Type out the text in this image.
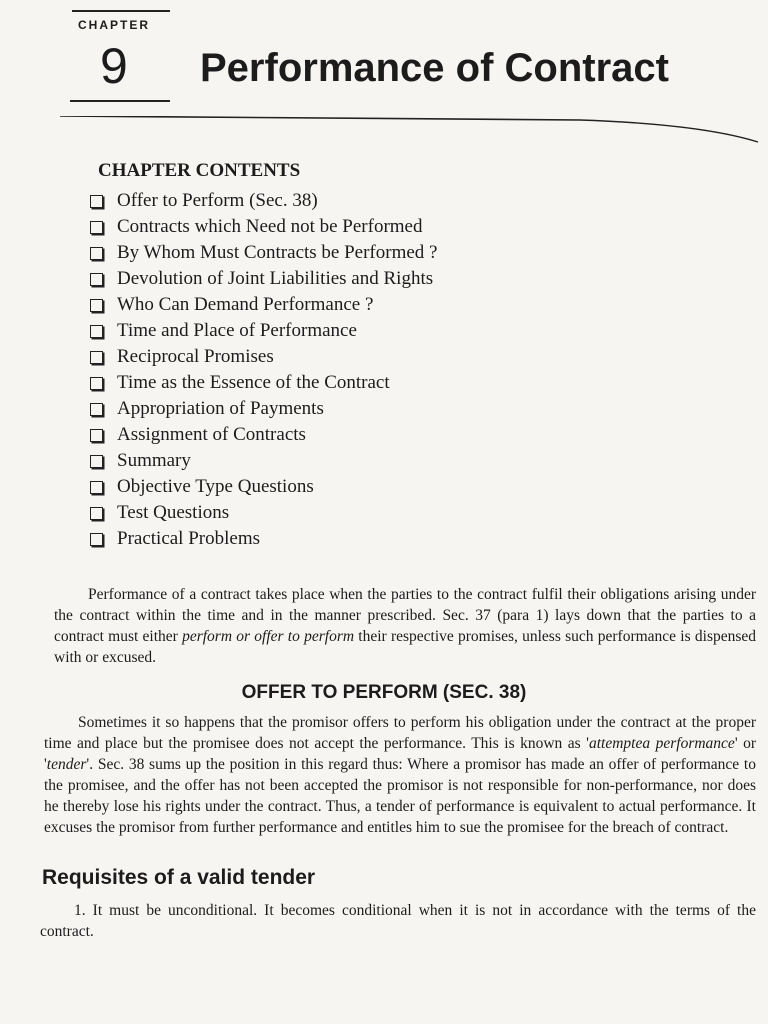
CHAPTER
9 Performance of Contract
CHAPTER CONTENTS
Offer to Perform (Sec. 38)
Contracts which Need not be Performed
By Whom Must Contracts be Performed ?
Devolution of Joint Liabilities and Rights
Who Can Demand Performance ?
Time and Place of Performance
Reciprocal Promises
Time as the Essence of the Contract
Appropriation of Payments
Assignment of Contracts
Summary
Objective Type Questions
Test Questions
Practical Problems

Performance of a contract takes place when the parties to the contract fulfil their obligations arising under the contract within the time and in the manner prescribed. Sec. 37 (para 1) lays down that the parties to a contract must either perform or offer to perform their respective promises, unless such performance is dispensed with or excused.

OFFER TO PERFORM (SEC. 38)

Sometimes it so happens that the promisor offers to perform his obligation under the contract at the proper time and place but the promisee does not accept the performance. This is known as 'attemptea performance' or 'tender'. Sec. 38 sums up the position in this regard thus: Where a promisor has made an offer of performance to the promisee, and the offer has not been accepted the promisor is not responsible for non-performance, nor does he thereby lose his rights under the contract. Thus, a tender of performance is equivalent to actual performance. It excuses the promisor from further performance and entitles him to sue the promisee for the breach of contract.

Requisites of a valid tender

1. It must be unconditional. It becomes conditional when it is not in accordance with the terms of the contract.
